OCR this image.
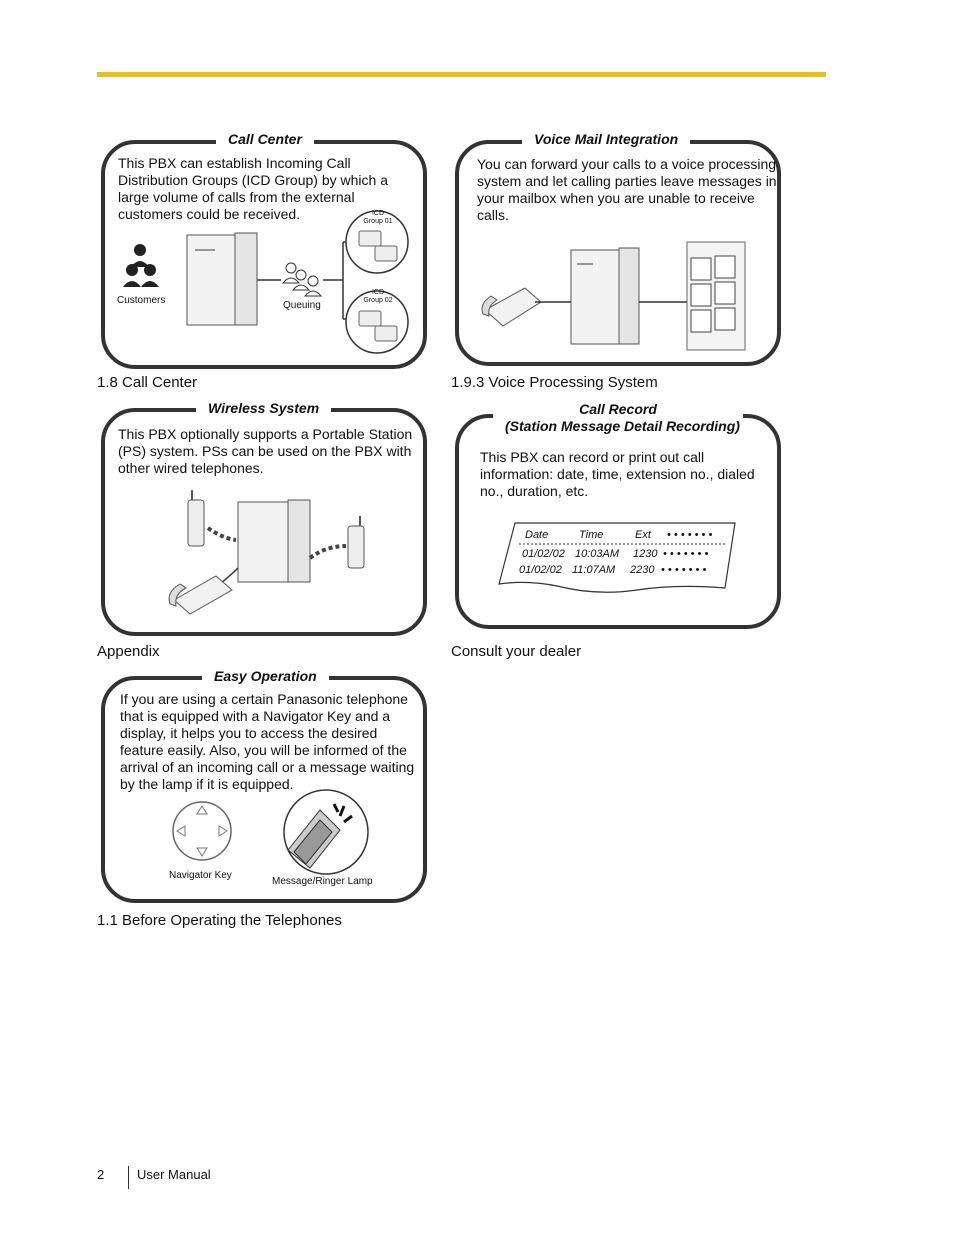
Call Center
This PBX can establish Incoming Call Distribution Groups (ICD Group) by which a large volume of calls from the external customers could be received.
Customers	Queuing
ICD
Group 01
ICD
Group 02
1.8 Call Center
Voice Mail Integration
You can forward your calls to a voice processing system and let calling parties leave messages in your mailbox when you are unable to receive calls.
1.9.3 Voice Processing System
Wireless System
This PBX optionally supports a Portable Station (PS) system. PSs can be used on the PBX with other wired telephones.
Appendix
Call Record
(Station Message Detail Recording)
This PBX can record or print out call information: date, time, extension no., dialed no., duration, etc.
Date	Time	Ext • • • • • • •
01/02/02 10:03AM 1230 • • • • • • •
01/02/02 11:07AM 2230 • • • • • • •
Consult your dealer
Easy Operation
If you are using a certain Panasonic telephone that is equipped with a Navigator Key and a display, it helps you to access the desired feature easily. Also, you will be informed of the arrival of an incoming call or a message waiting by the lamp if it is equipped.
Navigator Key
Message/Ringer Lamp
1.1 Before Operating the Telephones
2	User Manual
